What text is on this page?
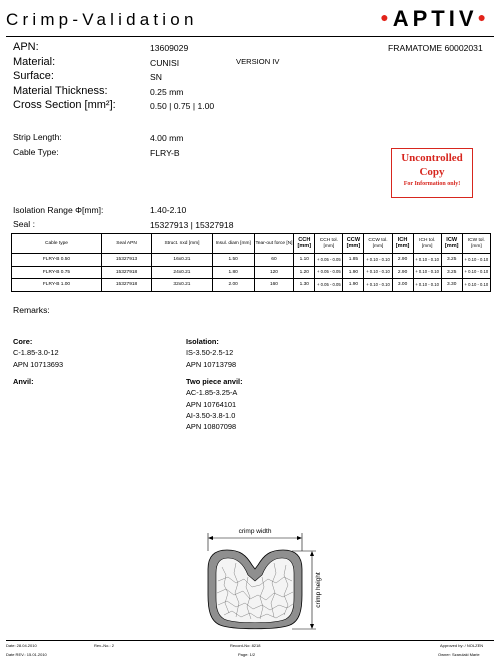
Crimp-Validation	●APTIV●
APN:	13609029	FRAMATOME 60002031
Material:	CUNISI	VERSION IV
Surface:	SN
Material Thickness:	0.25 mm
Cross Section [mm²]:	0.50 | 0.75 | 1.00
Strip Length:	4.00 mm
Cable Type:	FLRY-B	Uncontrolled
Copy
For Information only!
Isolation Range Φ[mm]:	1.40-2.10
Seal :	15327913 | 15327918
Cable type	Seal APN	Struct. nxd [mm]	Insul. diam [mm]	Tear-out force [N]	CCH [mm]	CCH tol. [mm]	CCW [mm]	CCW tol. [mm]	ICH [mm]	ICH tol. [mm]	ICW [mm]	ICW tol. [mm]
FLRY-B 0.50	15327913	16x0.21	1.50	60	1.10	+ 0.05 - 0.05	1.85	+ 0.10 - 0.10	2.90	+ 0.10 - 0.10	3.25	+ 0.10 - 0.10
FLRY-B 0.75	15327918	24x0.21	1.80	120	1.20	+ 0.05 - 0.05	1.90	+ 0.10 - 0.10	2.90	+ 0.10 - 0.10	3.25	+ 0.10 - 0.10
FLRY-B 1.00	15327918	32x0.21	2.00	160	1.30	+ 0.05 - 0.05	1.90	+ 0.10 - 0.10	3.00	+ 0.10 - 0.10	3.30	+ 0.10 - 0.10
Remarks:
Core:
C-1.85-3.0-12
APN 10713693
Anvil:
Isolation:
IS-3.50-2.5-12
APN 10713798
Two piece anvil:
AC-1.85-3.25-A
APN 10764101
AI-3.50-3.8-1.0
APN 10807098
crimp width
crimp height
Date: 28.04.2010
Date REV.: 15.01.2010
Rev.-No.: 2	Record-No: 8218
Page: 1/2
Approved by: / NOLZEN
Owner: Szarulaki Marie
